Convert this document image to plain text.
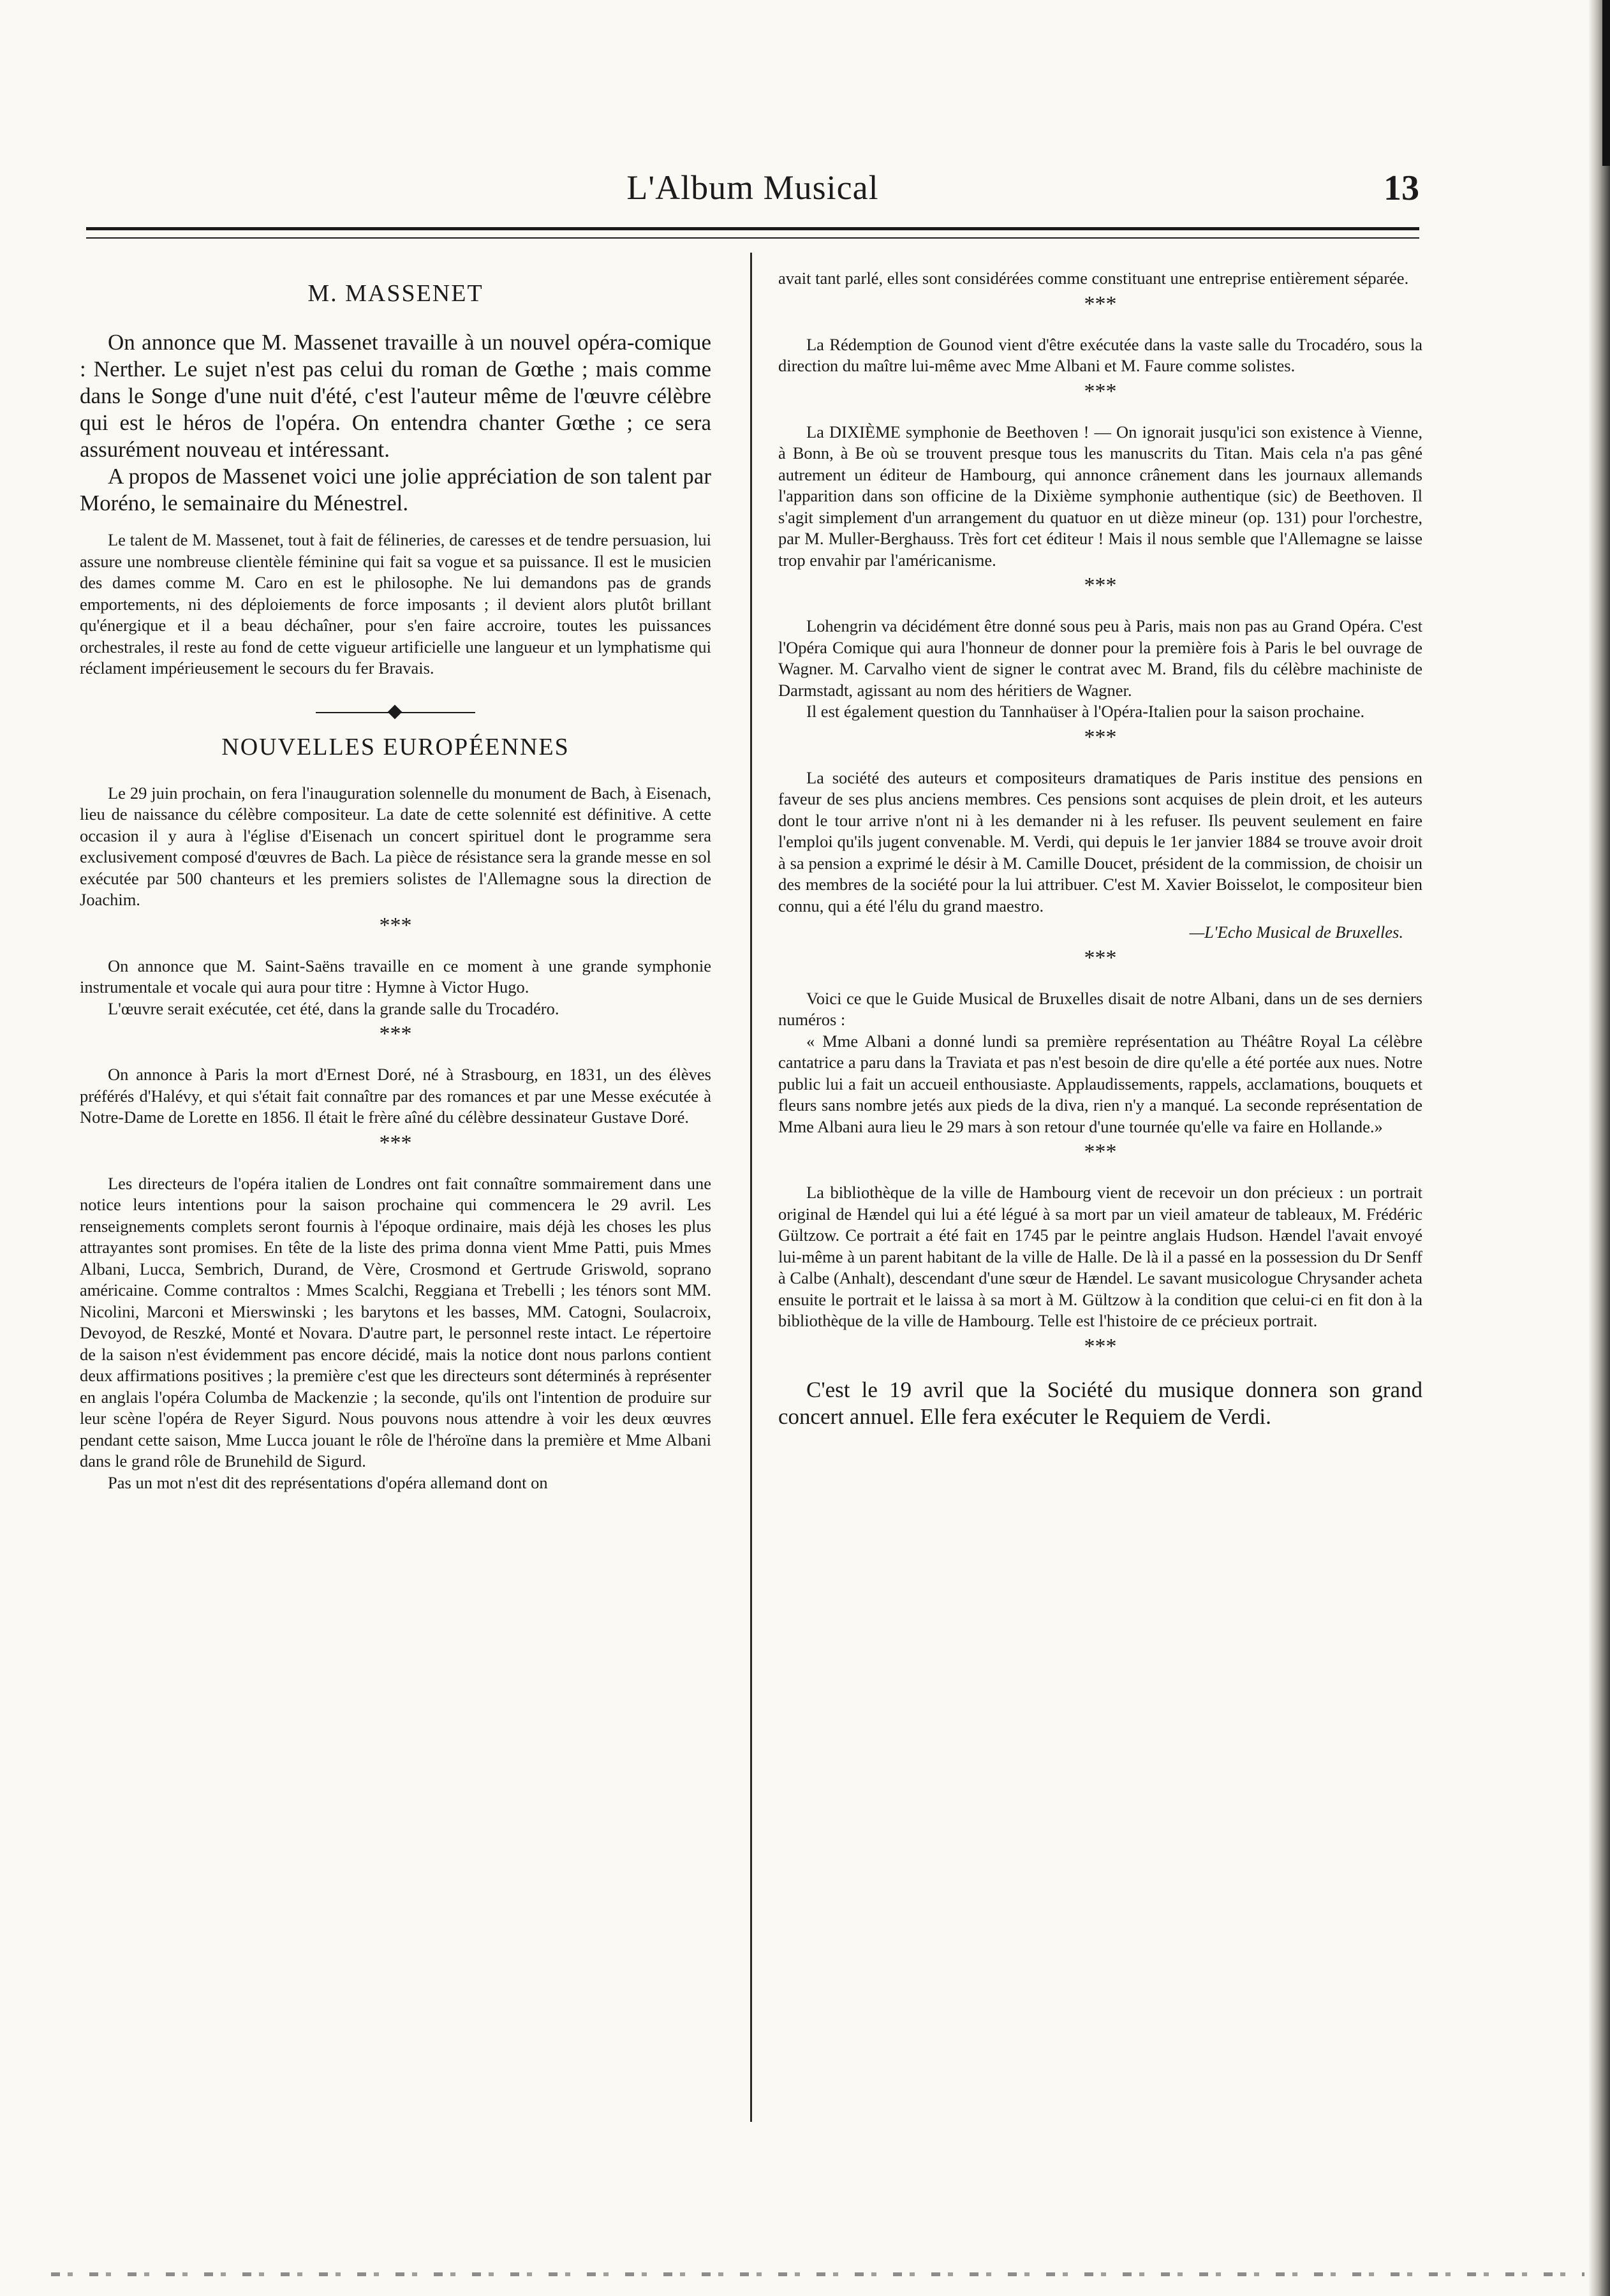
L'Album Musical	13
M. MASSENET

On annonce que M. Massenet travaille à un nouvel opéra-comique : Nerther. Le sujet n'est pas celui du roman de Gœthe ; mais comme dans le Songe d'une nuit d'été, c'est l'auteur même de l'œuvre célèbre qui est le héros de l'opéra. On entendra chanter Gœthe ; ce sera assurément nouveau et intéressant.

A propos de Massenet voici une jolie appréciation de son talent par Moréno, le semainaire du Ménestrel.

Le talent de M. Massenet, tout à fait de félineries, de caresses et de tendre persuasion, lui assure une nombreuse clientèle féminine qui fait sa vogue et sa puissance. Il est le musicien des dames comme M. Caro en est le philosophe. Ne lui demandons pas de grands emportements, ni des déploiements de force imposants ; il devient alors plutôt brillant qu'énergique et il a beau déchaîner, pour s'en faire accroire, toutes les puissances orchestrales, il reste au fond de cette vigueur artificielle une langueur et un lymphatisme qui réclament impérieusement le secours du fer Bravais.

NOUVELLES EUROPÉENNES

Le 29 juin prochain, on fera l'inauguration solennelle du monument de Bach, à Eisenach, lieu de naissance du célèbre compositeur. La date de cette solennité est définitive. A cette occasion il y aura à l'église d'Eisenach un concert spirituel dont le programme sera exclusivement composé d'œuvres de Bach. La pièce de résistance sera la grande messe en sol exécutée par 500 chanteurs et les premiers solistes de l'Allemagne sous la direction de Joachim.

***

On annonce que M. Saint-Saëns travaille en ce moment à une grande symphonie instrumentale et vocale qui aura pour titre : Hymne à Victor Hugo.

L'œuvre serait exécutée, cet été, dans la grande salle du Trocadéro.

***

On annonce à Paris la mort d'Ernest Doré, né à Strasbourg, en 1831, un des élèves préférés d'Halévy, et qui s'était fait connaître par des romances et par une Messe exécutée à Notre-Dame de Lorette en 1856. Il était le frère aîné du célèbre dessinateur Gustave Doré.

***

Les directeurs de l'opéra italien de Londres ont fait connaître sommairement dans une notice leurs intentions pour la saison prochaine qui commencera le 29 avril. Les renseignements complets seront fournis à l'époque ordinaire, mais déjà les choses les plus attrayantes sont promises. En tête de la liste des prima donna vient Mme Patti, puis Mmes Albani, Lucca, Sembrich, Durand, de Vère, Crosmond et Gertrude Griswold, soprano américaine. Comme contraltos : Mmes Scalchi, Reggiana et Trebelli ; les ténors sont MM. Nicolini, Marconi et Mierswinski ; les barytons et les basses, MM. Catogni, Soulacroix, Devoyod, de Reszké, Monté et Novara. D'autre part, le personnel reste intact. Le répertoire de la saison n'est évidemment pas encore décidé, mais la notice dont nous parlons contient deux affirmations positives ; la première c'est que les directeurs sont déterminés à représenter en anglais l'opéra Columba de Mackenzie ; la seconde, qu'ils ont l'intention de produire sur leur scène l'opéra de Reyer Sigurd. Nous pouvons nous attendre à voir les deux œuvres pendant cette saison, Mme Lucca jouant le rôle de l'héroïne dans la première et Mme Albani dans le grand rôle de Brunehild de Sigurd.

Pas un mot n'est dit des représentations d'opéra allemand dont on

avait tant parlé, elles sont considérées comme constituant une entreprise entièrement séparée.

***

La Rédemption de Gounod vient d'être exécutée dans la vaste salle du Trocadéro, sous la direction du maître lui-même avec Mme Albani et M. Faure comme solistes.

***

La DIXIÈME symphonie de Beethoven ! — On ignorait jusqu'ici son existence à Vienne, à Bonn, à Be où se trouvent presque tous les manuscrits du Titan. Mais cela n'a pas gêné autrement un éditeur de Hambourg, qui annonce crânement dans les journaux allemands l'apparition dans son officine de la Dixième symphonie authentique (sic) de Beethoven. Il s'agit simplement d'un arrangement du quatuor en ut dièze mineur (op. 131) pour l'orchestre, par M. Muller-Berghauss. Très fort cet éditeur ! Mais il nous semble que l'Allemagne se laisse trop envahir par l'américanisme.

***

Lohengrin va décidément être donné sous peu à Paris, mais non pas au Grand Opéra. C'est l'Opéra Comique qui aura l'honneur de donner pour la première fois à Paris le bel ouvrage de Wagner. M. Carvalho vient de signer le contrat avec M. Brand, fils du célèbre machiniste de Darmstadt, agissant au nom des héritiers de Wagner.

Il est également question du Tannhaüser à l'Opéra-Italien pour la saison prochaine.

***

La société des auteurs et compositeurs dramatiques de Paris institue des pensions en faveur de ses plus anciens membres. Ces pensions sont acquises de plein droit, et les auteurs dont le tour arrive n'ont ni à les demander ni à les refuser. Ils peuvent seulement en faire l'emploi qu'ils jugent convenable. M. Verdi, qui depuis le 1er janvier 1884 se trouve avoir droit à sa pension a exprimé le désir à M. Camille Doucet, président de la commission, de choisir un des membres de la société pour la lui attribuer. C'est M. Xavier Boisselot, le compositeur bien connu, qui a été l'élu du grand maestro.

—L'Echo Musical de Bruxelles.
***

Voici ce que le Guide Musical de Bruxelles disait de notre Albani, dans un de ses derniers numéros :

« Mme Albani a donné lundi sa première représentation au Théâtre Royal La célèbre cantatrice a paru dans la Traviata et pas n'est besoin de dire qu'elle a été portée aux nues. Notre public lui a fait un accueil enthousiaste. Applaudissements, rappels, acclamations, bouquets et fleurs sans nombre jetés aux pieds de la diva, rien n'y a manqué. La seconde représentation de Mme Albani aura lieu le 29 mars à son retour d'une tournée qu'elle va faire en Hollande.»

***

La bibliothèque de la ville de Hambourg vient de recevoir un don précieux : un portrait original de Hændel qui lui a été légué à sa mort par un vieil amateur de tableaux, M. Frédéric Gültzow. Ce portrait a été fait en 1745 par le peintre anglais Hudson. Hændel l'avait envoyé lui-même à un parent habitant de la ville de Halle. De là il a passé en la possession du Dr Senff à Calbe (Anhalt), descendant d'une sœur de Hændel. Le savant musicologue Chrysander acheta ensuite le portrait et le laissa à sa mort à M. Gültzow à la condition que celui-ci en fit don à la bibliothèque de la ville de Hambourg. Telle est l'histoire de ce précieux portrait.

***

C'est le 19 avril que la Société du musique donnera son grand concert annuel. Elle fera exécuter le Requiem de Verdi.
